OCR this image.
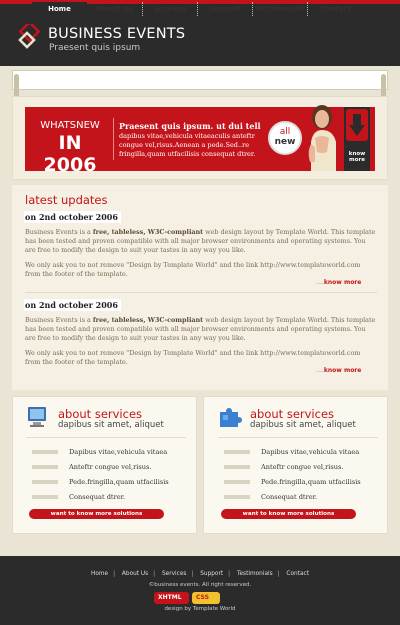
BUSINESS EVENTS
Praesent quis ipsum
Home	About Us	Services	Support	Testimonials	Contact
WHATSNEW
IN 2006
Praesent quis ipsum. ut dui tell
dapibus vitae,vehicula vitaeaculis anteftr congue vel,risus.Aenean a pede.Sed..re fringilla,quam utfacilisis consequat dtrer.
all
new
know more
latest updates
on 2nd october 2006
Business Events is a free, tableless, W3C-compliant web design layout by Template World. This template has been tested and proven compatible with all major browser environments and operating systems. You are free to modify the design to suit your tastes in any way you like.
We only ask you to not remove "Design by Template World" and the link http://www.templateworld.com from the footer of the template.
….know more
on 2nd october 2006
Business Events is a free, tableless, W3C-compliant web design layout by Template World. This template has been tested and proven compatible with all major browser environments and operating systems. You are free to modify the design to suit your tastes in any way you like.
We only ask you to not remove "Design by Template World" and the link http://www.templateworld.com from the footer of the template.
….know more
about services
dapibus sit amet, aliquet
Dapibus vitae,vehicula vitaea
Anteftr congue vel,risus.
Pede.fringilla,quam utfacilisis
Consequat dtrer.
want to know more solutions
about services
dapibus sit amet, aliquet
Dapibus vitae,vehicula vitaea
Anteftr congue vel,risus.
Pede.fringilla,quam utfacilisis
Consequat dtrer.
want to know more solutions
Home | About Us | Services | Support | Testimonials | Contact
©business events. All right reserved.
XHTML	CSS
design by Template World
